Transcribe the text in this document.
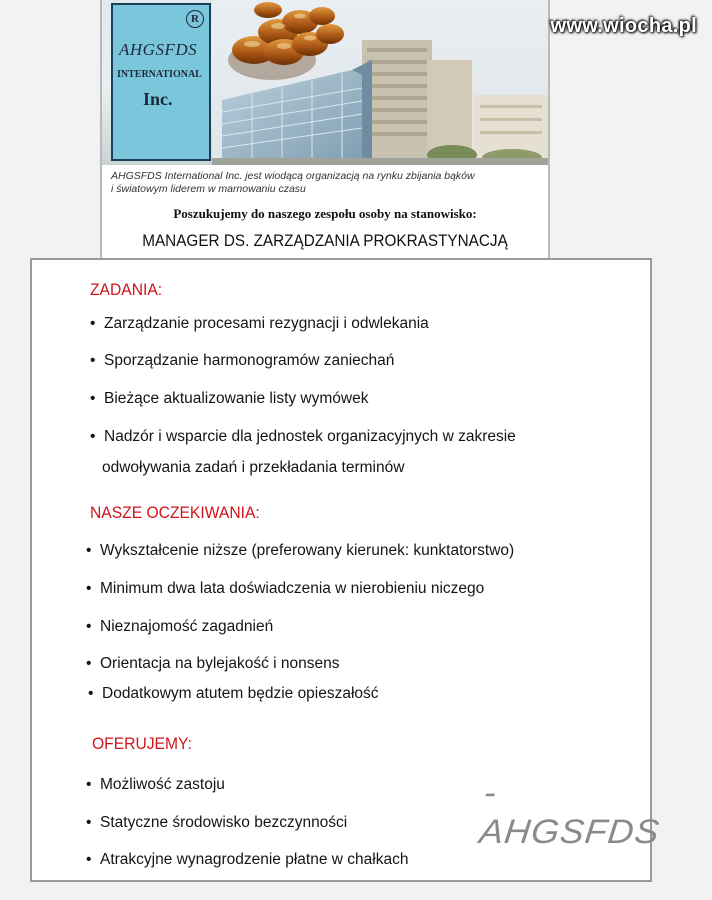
R
AHGSFDS
INTERNATIONAL
Inc.
AHGSFDS International Inc. jest wiodącą organizacją na rynku zbijania bąków
i światowym liderem w marnowaniu czasu
Poszukujemy do naszego zespołu osoby na stanowisko:
MANAGER DS. ZARZĄDZANIA PROKRASTYNACJĄ
www.wiocha.pl
ZADANIA:
• Zarządzanie procesami rezygnacji i odwlekania
• Sporządzanie harmonogramów zaniechań
• Bieżące aktualizowanie listy wymówek
• Nadzór i wsparcie dla jednostek organizacyjnych w zakresie
odwoływania zadań i przekładania terminów
NASZE OCZEKIWANIA:
• Wykształcenie niższe (preferowany kierunek: kunktatorstwo)
• Minimum dwa lata doświadczenia w nierobieniu niczego
• Nieznajomość zagadnień
• Orientacja na bylejakość i nonsens
• Dodatkowym atutem będzie opieszałość
OFERUJEMY:
• Możliwość zastoju
• Statyczne środowisko bezczynności
• Atrakcyjne wynagrodzenie płatne w chałkach
-AHGSFDS
